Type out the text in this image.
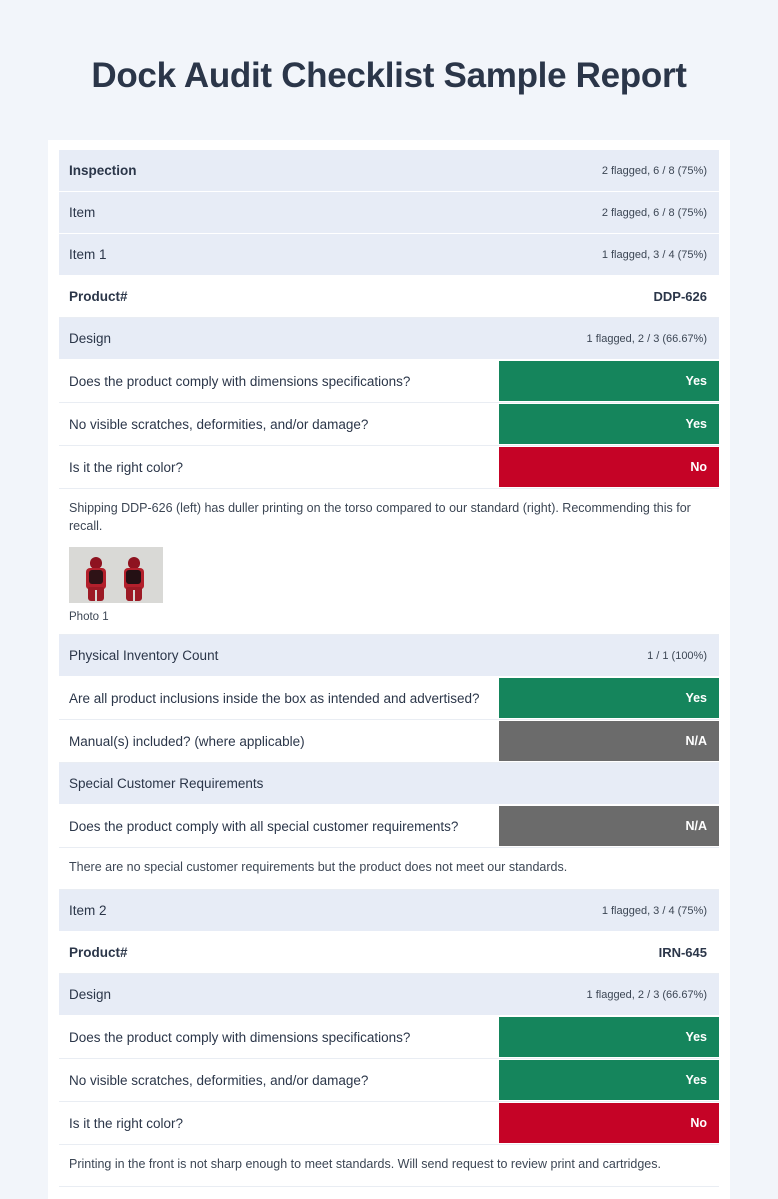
Dock Audit Checklist Sample Report
Inspection	2 flagged, 6 / 8 (75%)
Item	2 flagged, 6 / 8 (75%)
Item 1	1 flagged, 3 / 4 (75%)
Product#	DDP-626
Design	1 flagged, 2 / 3 (66.67%)
Does the product comply with dimensions specifications?	Yes
No visible scratches, deformities, and/or damage?	Yes
Is it the right color?	No
Shipping DDP-626 (left) has duller printing on the torso compared to our standard (right). Recommending this for recall.
Photo 1
Physical Inventory Count	1 / 1 (100%)
Are all product inclusions inside the box as intended and advertised?	Yes
Manual(s) included? (where applicable)	N/A
Special Customer Requirements
Does the product comply with all special customer requirements?	N/A
There are no special customer requirements but the product does not meet our standards.
Item 2	1 flagged, 3 / 4 (75%)
Product#	IRN-645
Design	1 flagged, 2 / 3 (66.67%)
Does the product comply with dimensions specifications?	Yes
No visible scratches, deformities, and/or damage?	Yes
Is it the right color?	No
Printing in the front is not sharp enough to meet standards. Will send request to review print and cartridges.
